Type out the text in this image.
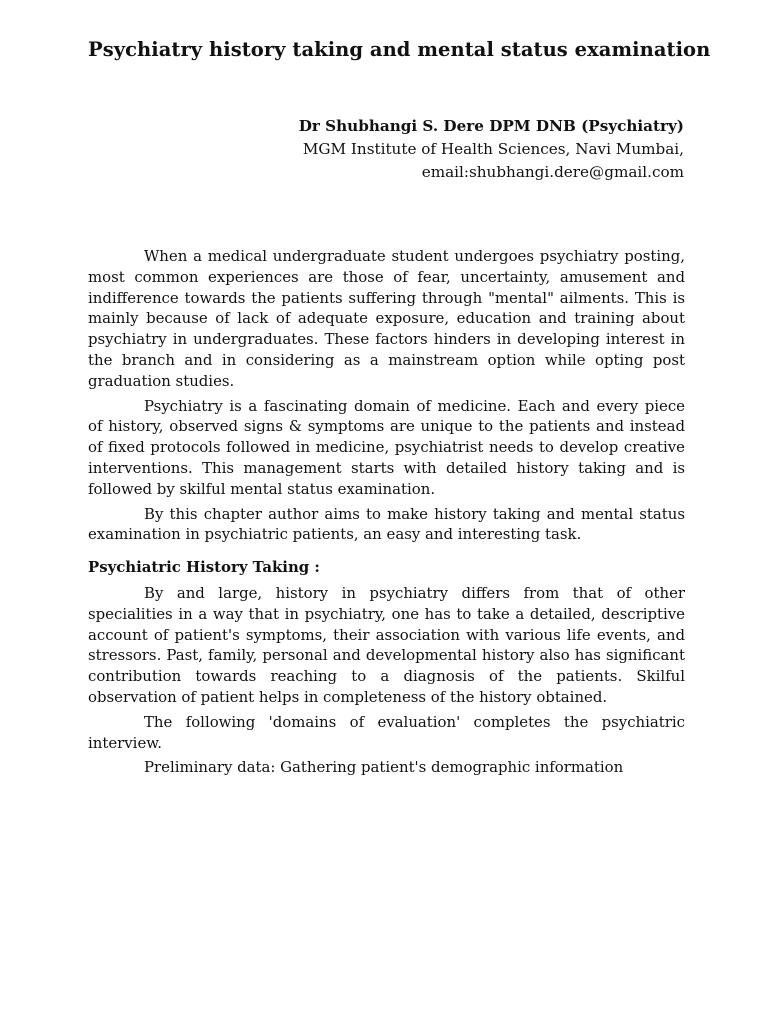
Psychiatry history taking and mental status examination
Dr Shubhangi S. Dere DPM DNB (Psychiatry)
MGM Institute of Health Sciences, Navi Mumbai,
email:shubhangi.dere@gmail.com

When a medical undergraduate student undergoes psychiatry posting, most common experiences are those of fear, uncertainty, amusement and indifference towards the patients suffering through "mental" ailments. This is mainly because of lack of adequate exposure, education and training about psychiatry in undergraduates. These factors hinders in developing interest in the branch and in considering as a mainstream option while opting post graduation studies.

Psychiatry is a fascinating domain of medicine. Each and every piece of history, observed signs & symptoms are unique to the patients and instead of fixed protocols followed in medicine, psychiatrist needs to develop creative interventions. This management starts with detailed history taking and is followed by skilful mental status examination.

By this chapter author aims to make history taking and mental status examination in psychiatric patients, an easy and interesting task.

Psychiatric History Taking :

By and large, history in psychiatry differs from that of other specialities in a way that in psychiatry, one has to take a detailed, descriptive account of patient's symptoms, their association with various life events, and stressors. Past, family, personal and developmental history also has significant contribution towards reaching to a diagnosis of the patients. Skilful observation of patient helps in completeness of the history obtained.

The following 'domains of evaluation' completes the psychiatric interview.

Preliminary data: Gathering patient's demographic information
